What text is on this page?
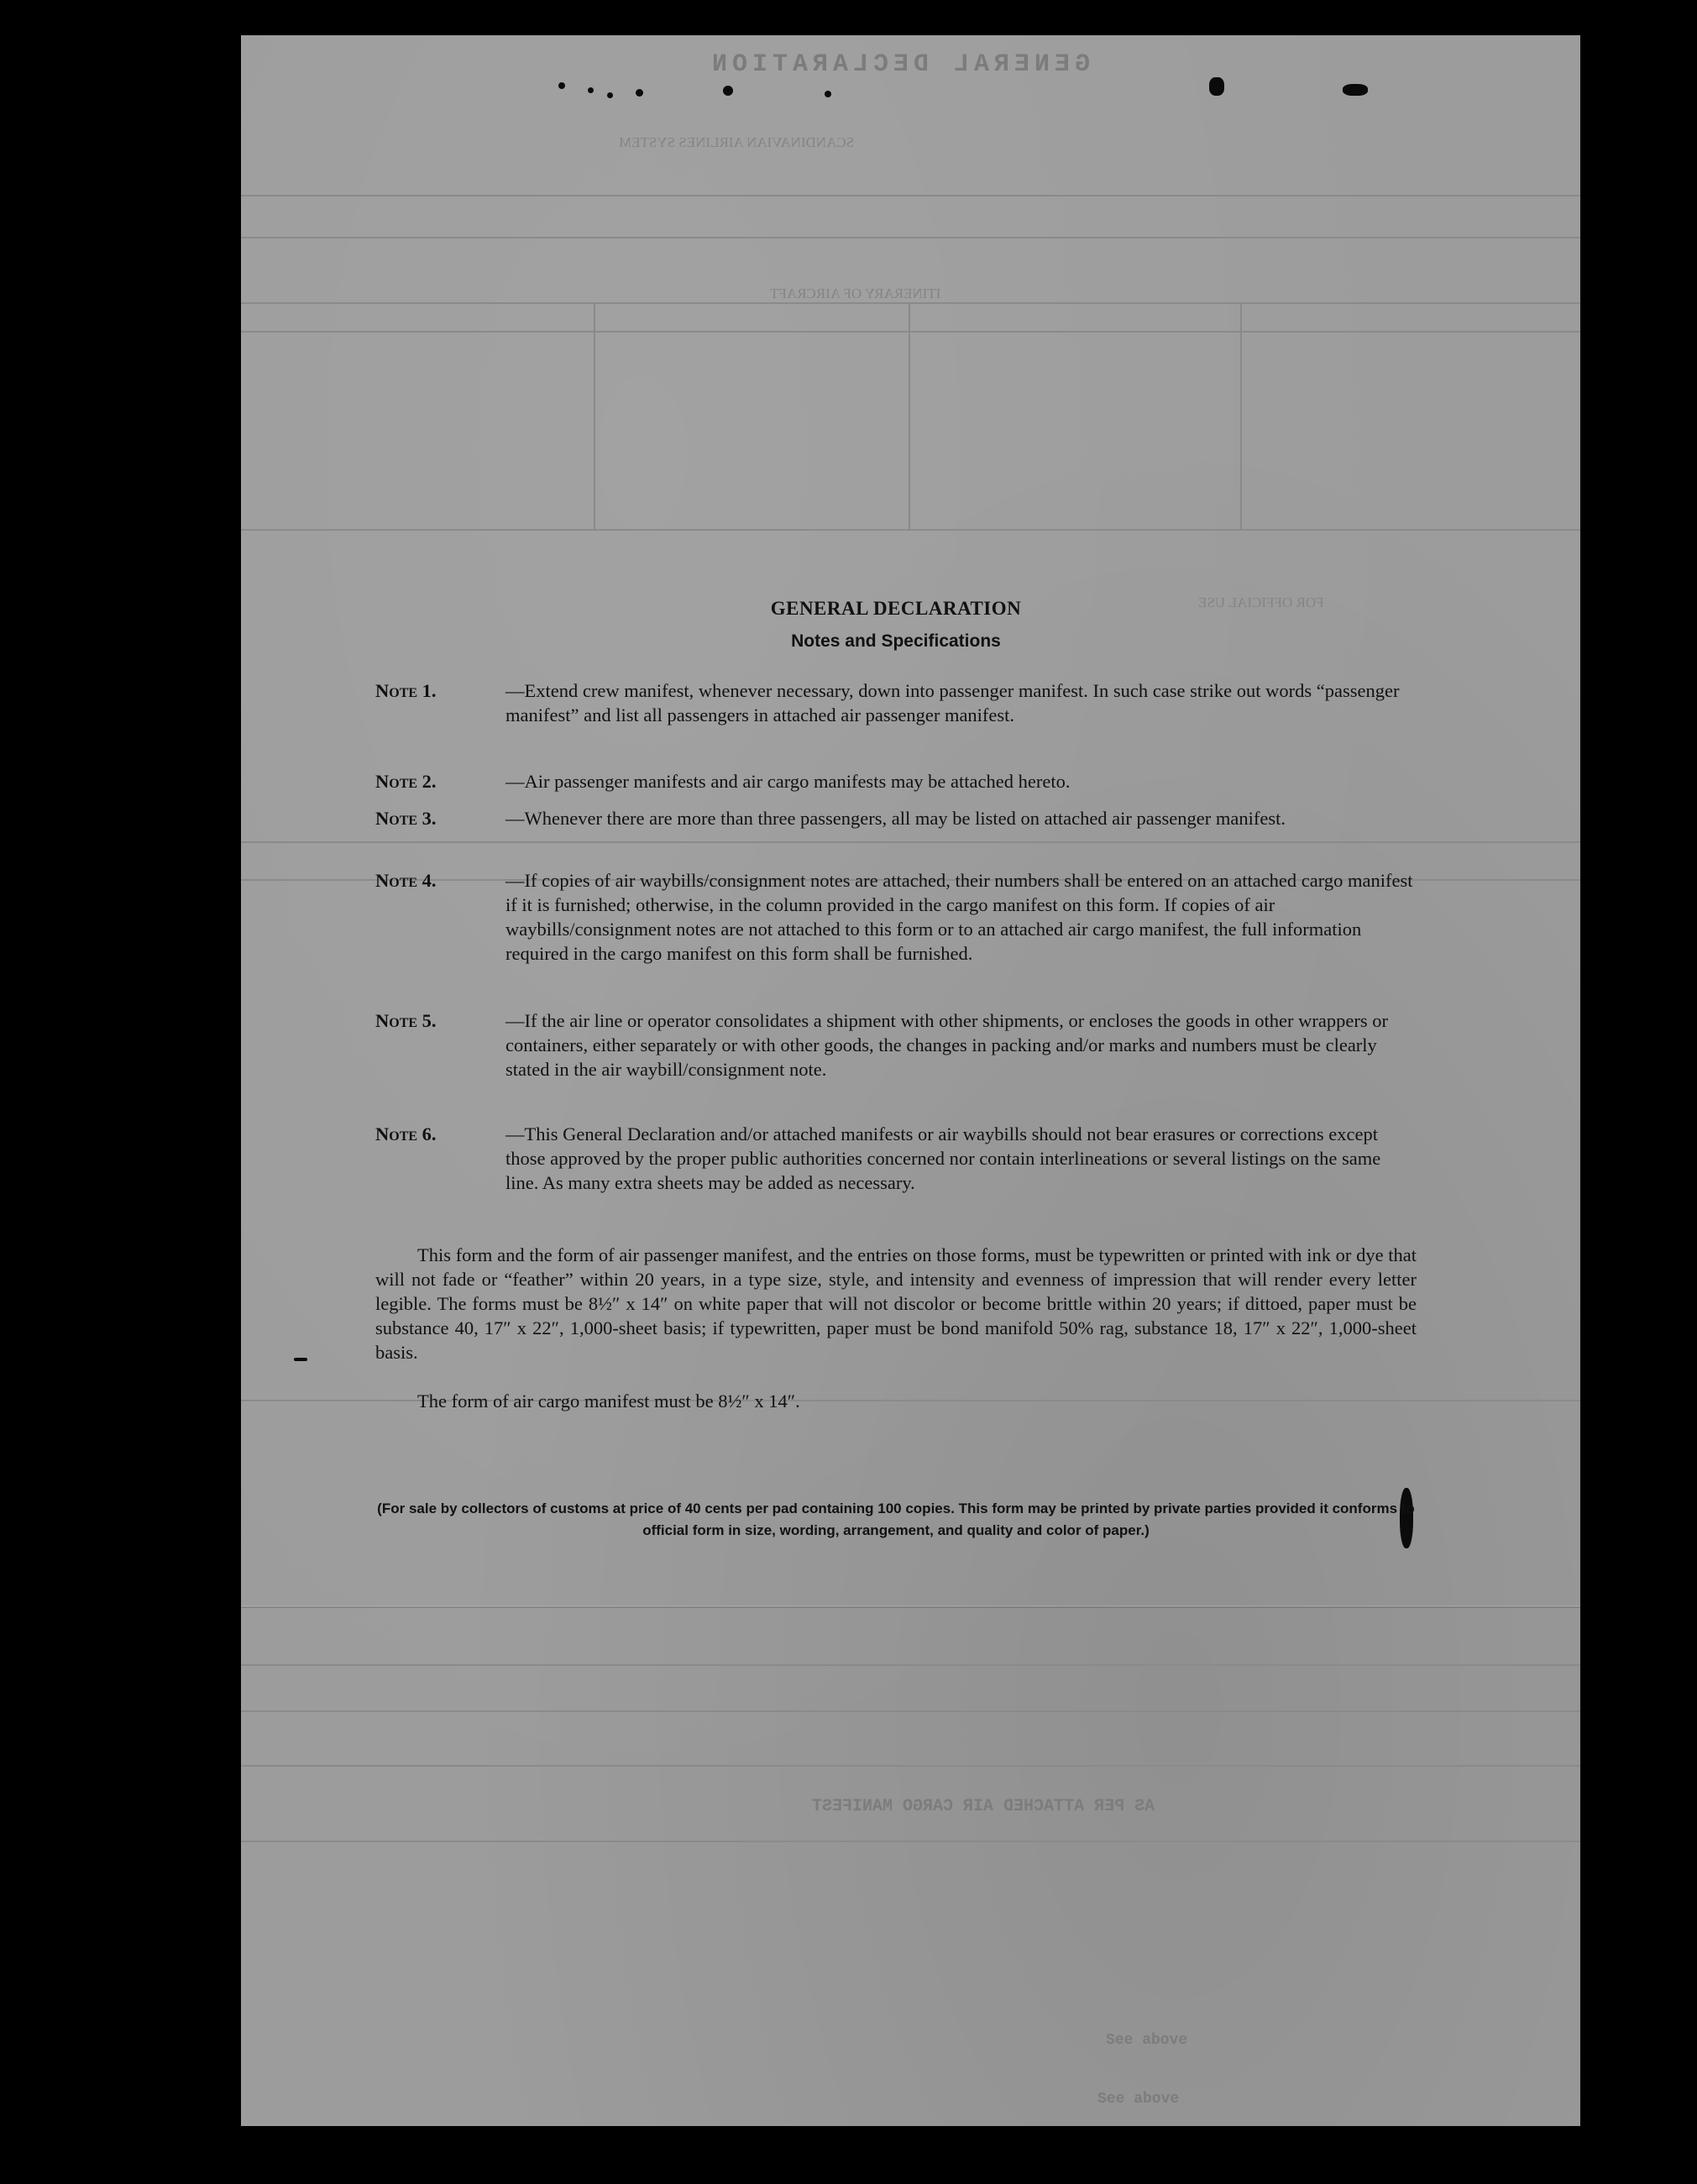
GENERAL DECLARATION
SCANDINAVIAN AIRLINES SYSTEM
ITINERARY OF AIRCRAFT
FOR OFFICIAL USE
AS PER ATTACHED AIR CARGO MANIFEST
See above
See above
GENERAL DECLARATION
Notes and Specifications
Note 1.	—Extend crew manifest, whenever necessary, down into passenger manifest. In such case strike out words “passenger manifest” and list all passengers in attached air passenger manifest.
Note 2.	—Air passenger manifests and air cargo manifests may be attached hereto.
Note 3.	—Whenever there are more than three passengers, all may be listed on attached air passenger manifest.
Note 4.	—If copies of air waybills/consignment notes are attached, their numbers shall be entered on an attached cargo manifest if it is furnished; otherwise, in the column provided in the cargo manifest on this form. If copies of air waybills/consignment notes are not attached to this form or to an attached air cargo manifest, the full information required in the cargo manifest on this form shall be furnished.
Note 5.	—If the air line or operator consolidates a shipment with other shipments, or encloses the goods in other wrappers or containers, either separately or with other goods, the changes in packing and/or marks and numbers must be clearly stated in the air waybill/consignment note.
Note 6.	—This General Declaration and/or attached manifests or air waybills should not bear erasures or corrections except those approved by the proper public authorities concerned nor contain interlineations or several listings on the same line. As many extra sheets may be added as necessary.

This form and the form of air passenger manifest, and the entries on those forms, must be typewritten or printed with ink or dye that will not fade or “feather” within 20 years, in a type size, style, and intensity and evenness of impression that will render every letter legible. The forms must be 8½″ x 14″ on white paper that will not discolor or become brittle within 20 years; if dittoed, paper must be substance 40, 17″ x 22″, 1,000-sheet basis; if typewritten, paper must be bond manifold 50% rag, substance 18, 17″ x 22″, 1,000-sheet basis.

The form of air cargo manifest must be 8½″ x 14″.

(For sale by collectors of customs at price of 40 cents per pad containing 100 copies. This form may be printed by private parties provided it conforms to official form in size, wording, arrangement, and quality and color of paper.)
